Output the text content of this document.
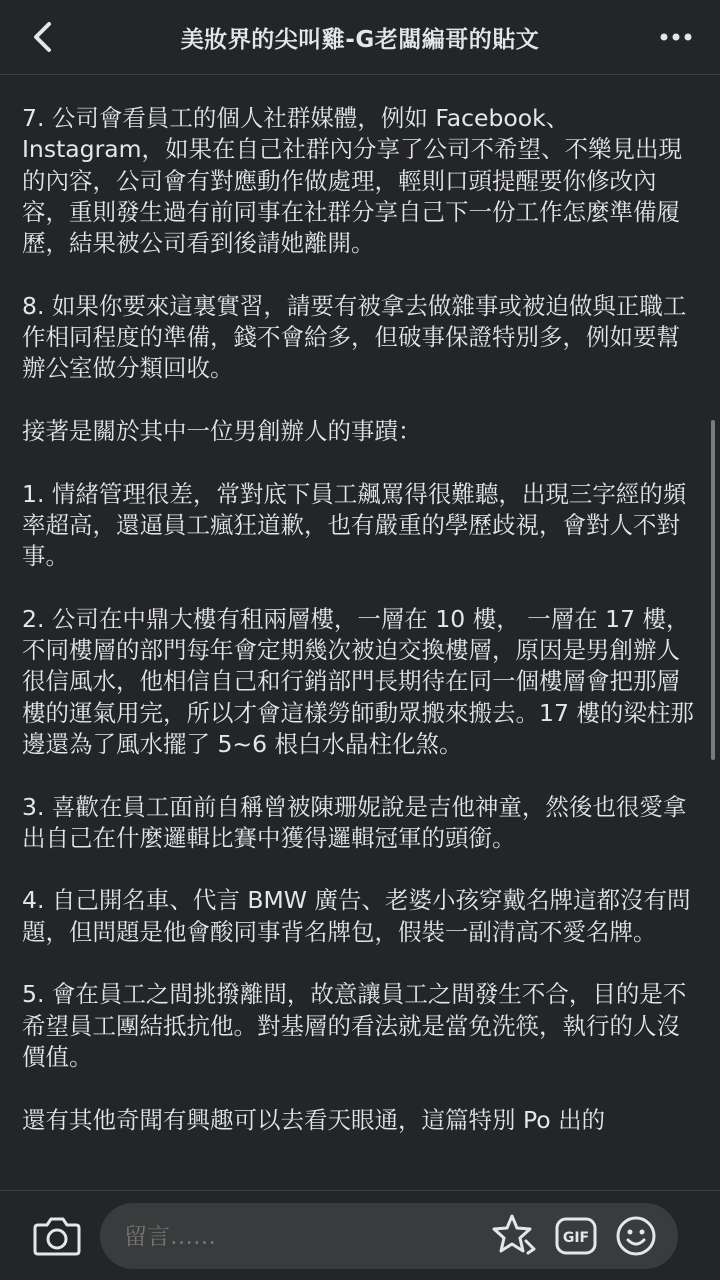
美妝界的尖叫雞-G老闆編哥的貼文

7. 公司會看員工的個人社群媒體，例如 Facebook、Instagram，如果在自己社群內分享了公司不希望、不樂見出現的內容，公司會有對應動作做處理，輕則口頭提醒要你修改內容，重則發生過有前同事在社群分享自己下一份工作怎麼準備履歷，結果被公司看到後請她離開。

8. 如果你要來這裏實習，請要有被拿去做雜事或被迫做與正職工作相同程度的準備，錢不會給多，但破事保證特別多，例如要幫辦公室做分類回收。

接著是關於其中一位男創辦人的事蹟：

1. 情緒管理很差，常對底下員工飆罵得很難聽，出現三字經的頻率超高，還逼員工瘋狂道歉，也有嚴重的學歷歧視，會對人不對事。

2. 公司在中鼎大樓有租兩層樓，一層在 10 樓， 一層在 17 樓，不同樓層的部門每年會定期幾次被迫交換樓層，原因是男創辦人很信風水，他相信自己和行銷部門長期待在同一個樓層會把那層樓的運氣用完，所以才會這樣勞師動眾搬來搬去。17 樓的梁柱那邊還為了風水擺了 5~6 根白水晶柱化煞。

3. 喜歡在員工面前自稱曾被陳珊妮說是吉他神童，然後也很愛拿出自己在什麼邏輯比賽中獲得邏輯冠軍的頭銜。

4. 自己開名車、代言 BMW 廣告、老婆小孩穿戴名牌這都沒有問題，但問題是他會酸同事背名牌包，假裝一副清高不愛名牌。

5. 會在員工之間挑撥離間，故意讓員工之間發生不合，目的是不希望員工團結抵抗他。對基層的看法就是當免洗筷，執行的人沒價值。

還有其他奇聞有興趣可以去看天眼通，這篇特別 Po 出的

留言……
GIF
